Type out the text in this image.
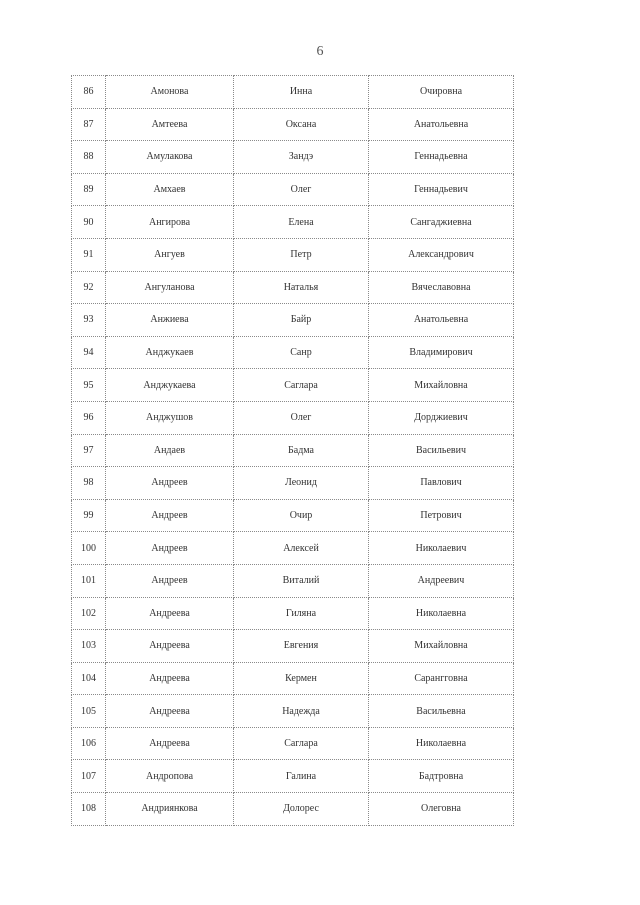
6
86	Амонова	Инна	Очировна
87	Амтеева	Оксана	Анатольевна
88	Амулакова	Зандэ	Геннадьевна
89	Амхаев	Олег	Геннадьевич
90	Ангирова	Елена	Сангаджиевна
91	Ангуев	Петр	Александрович
92	Ангуланова	Наталья	Вячеславовна
93	Анжиева	Байр	Анатольевна
94	Анджукаев	Санр	Владимирович
95	Анджукаева	Саглара	Михайловна
96	Анджушов	Олег	Дорджиевич
97	Андаев	Бадма	Васильевич
98	Андреев	Леонид	Павлович
99	Андреев	Очир	Петрович
100	Андреев	Алексей	Николаевич
101	Андреев	Виталий	Андреевич
102	Андреева	Гиляна	Николаевна
103	Андреева	Евгения	Михайловна
104	Андреева	Кермен	Сарангговна
105	Андреева	Надежда	Васильевна
106	Андреева	Саглара	Николаевна
107	Андропова	Галина	Бадтровна
108	Андриянкова	Долорес	Олеговна
